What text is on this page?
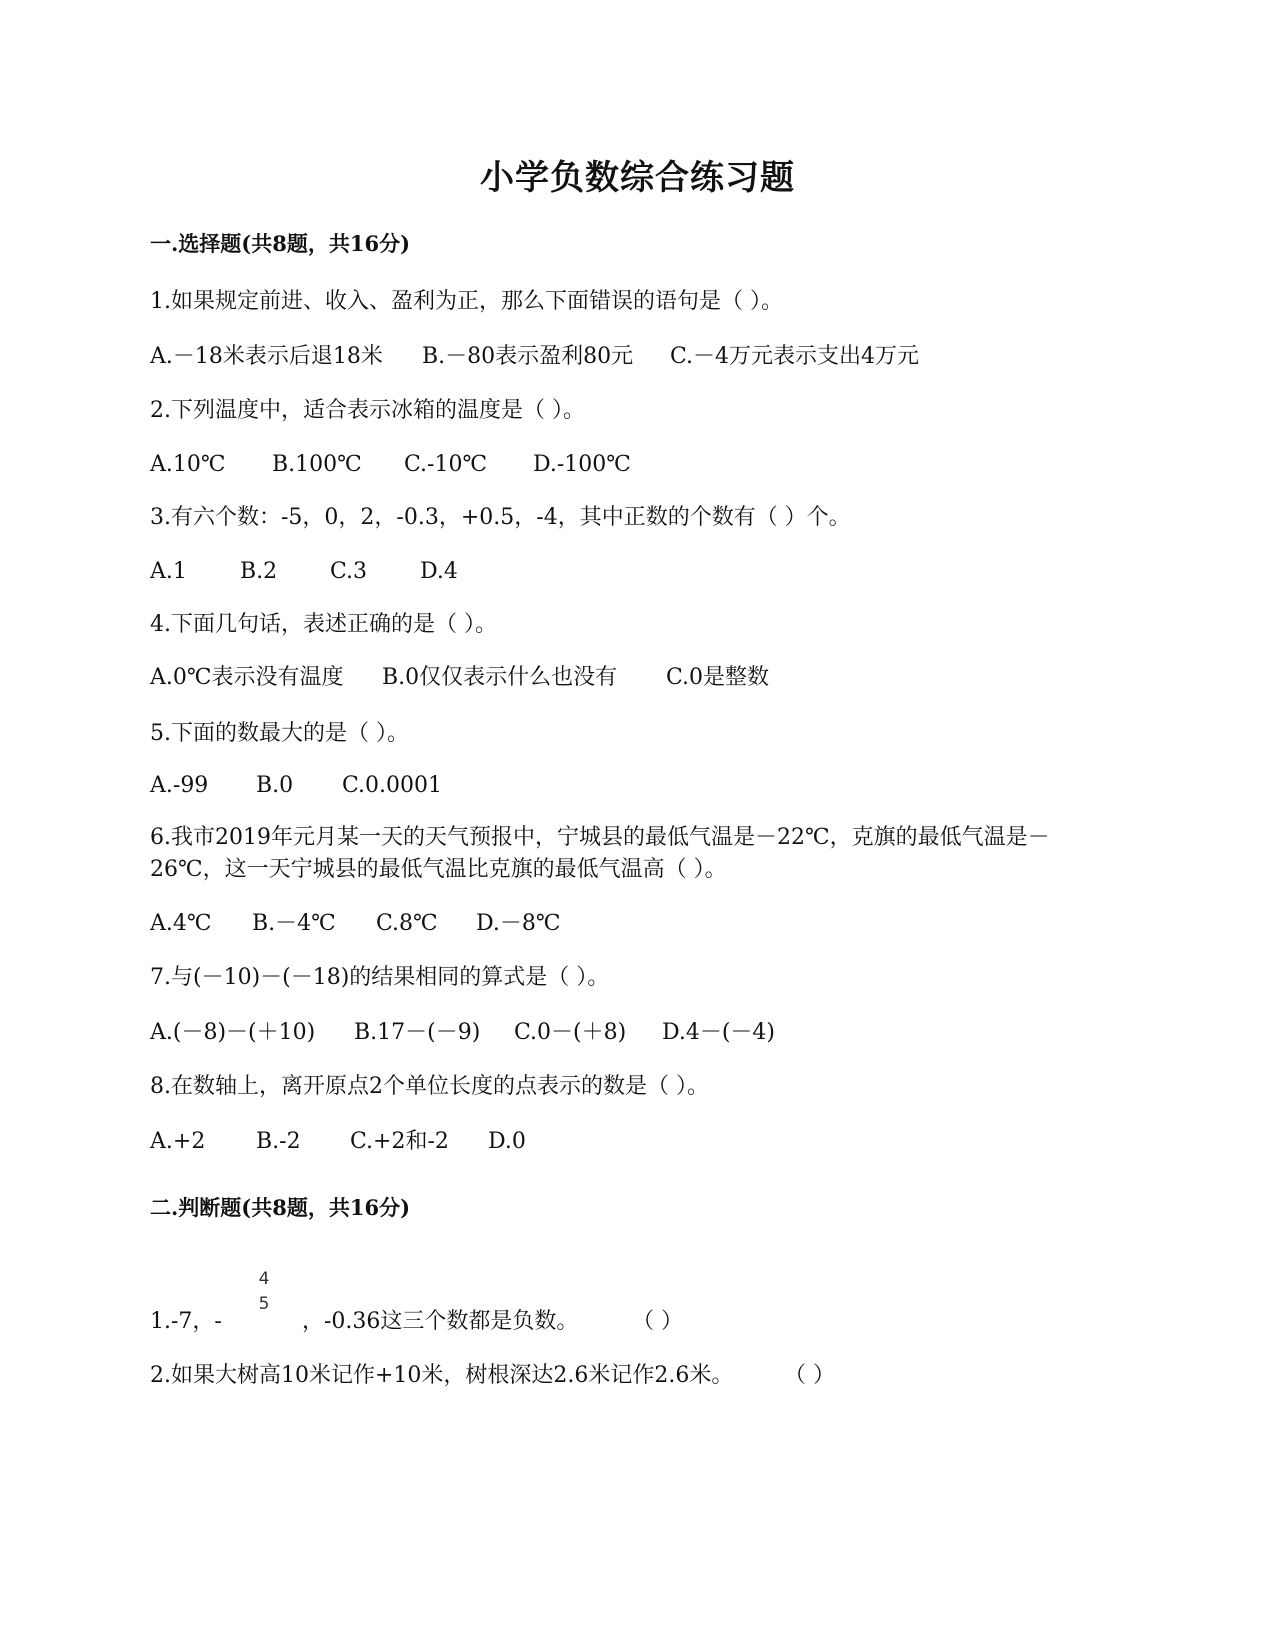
小学负数综合练习题
一.选择题(共8题，共16分)
1.如果规定前进、收入、盈利为正，那么下面错误的语句是（ ）。
A.－18米表示后退18米 B.－80表示盈利80元 C.－4万元表示支出4万元
2.下列温度中，适合表示冰箱的温度是（ ）。
A.10℃ B.100℃ C.-10℃ D.-100℃
3.有六个数：-5，0，2，-0.3，+0.5，-4，其中正数的个数有（ ）个。
A.1 B.2 C.3 D.4
4.下面几句话，表述正确的是（ ）。
A.0℃表示没有温度 B.0仅仅表示什么也没有 C.0是整数
5.下面的数最大的是（ ）。
A.-99 B.0 C.0.0001
6.我市2019年元月某一天的天气预报中，宁城县的最低气温是－22℃，克旗的最低气温是－26℃，这一天宁城县的最低气温比克旗的最低气温高（ ）。
A.4℃ B.－4℃ C.8℃ D.－8℃
7.与(－10)－(－18)的结果相同的算式是（ ）。
A.(－8)－(＋10) B.17－(－9) C.0－(＋8) D.4－(－4)
8.在数轴上，离开原点2个单位长度的点表示的数是（ ）。
A.+2 B.-2 C.+2和-2 D.0
二.判断题(共8题，共16分)
4
5
1.-7，-	，-0.36这三个数都是负数。 （ ）
2.如果大树高10米记作+10米，树根深达2.6米记作2.6米。 （ ）
